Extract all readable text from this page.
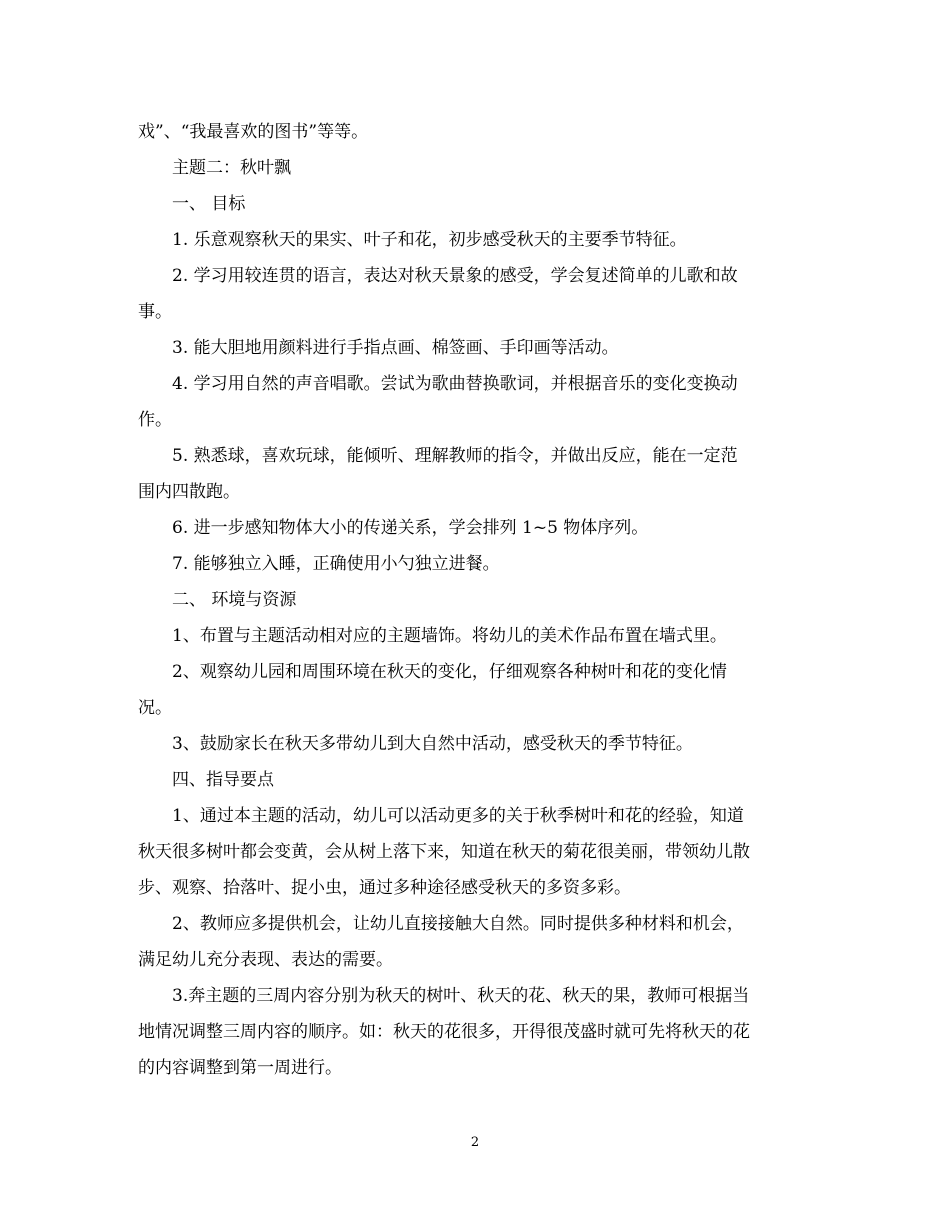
戏”、“我最喜欢的图书”等等。
主题二：秋叶飘
一、 目标
1. 乐意观察秋天的果实、叶子和花，初步感受秋天的主要季节特征。
2. 学习用较连贯的语言，表达对秋天景象的感受，学会复述简单的儿歌和故
事。
3. 能大胆地用颜料进行手指点画、棉签画、手印画等活动。
4. 学习用自然的声音唱歌。尝试为歌曲替换歌词，并根据音乐的变化变换动
作。
5. 熟悉球，喜欢玩球，能倾听、理解教师的指令，并做出反应，能在一定范
围内四散跑。
6. 进一步感知物体大小的传递关系，学会排列 1~5 物体序列。
7. 能够独立入睡，正确使用小勺独立进餐。
二、 环境与资源
1、布置与主题活动相对应的主题墙饰。将幼儿的美术作品布置在墙式里。
2、观察幼儿园和周围环境在秋天的变化，仔细观察各种树叶和花的变化情
况。
3、鼓励家长在秋天多带幼儿到大自然中活动，感受秋天的季节特征。
四、指导要点
1、通过本主题的活动，幼儿可以活动更多的关于秋季树叶和花的经验，知道
秋天很多树叶都会变黄，会从树上落下来，知道在秋天的菊花很美丽，带领幼儿散
步、观察、拾落叶、捉小虫，通过多种途径感受秋天的多资多彩。
2、教师应多提供机会，让幼儿直接接触大自然。同时提供多种材料和机会，
满足幼儿充分表现、表达的需要。
3.奔主题的三周内容分别为秋天的树叶、秋天的花、秋天的果，教师可根据当
地情况调整三周内容的顺序。如：秋天的花很多，开得很茂盛时就可先将秋天的花
的内容调整到第一周进行。
2
